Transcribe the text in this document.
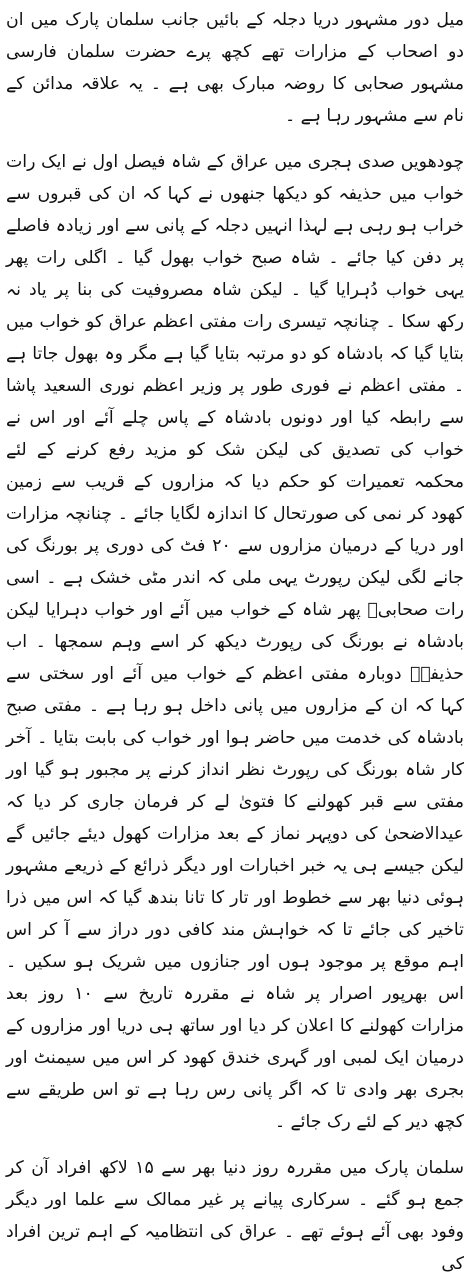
میل دور مشہور دریا دجلہ کے بائیں جانب سلمان پارک میں ان دو اصحاب کے مزارات تھے کچھ پرے حضرت سلمان فارسی مشہور صحابی کا روضہ مبارک بھی ہے ۔ یہ علاقہ مدائن کے نام سے مشہور رہا ہے ۔

چودھویں صدی ہجری میں عراق کے شاہ فیصل اول نے ایک رات خواب میں حذیفہ کو دیکھا جنھوں نے کہا کہ ان کی قبروں سے خراب ہو رہی ہے لہذا انہیں دجلہ کے پانی سے اور زیادہ فاصلے پر دفن کیا جائے ۔ شاہ صبح خواب بھول گیا ۔ اگلی رات پھر یہی خواب دُہرایا گیا ۔ لیکن شاہ مصروفیت کی بنا پر یاد نہ رکھ سکا ۔ چنانچہ تیسری رات مفتی اعظم عراق کو خواب میں بتایا گیا کہ بادشاہ کو دو مرتبہ بتایا گیا ہے مگر وہ بھول جاتا ہے ۔ مفتی اعظم نے فوری طور پر وزیر اعظم نوری السعید پاشا سے رابطہ کیا اور دونوں بادشاہ کے پاس چلے آئے اور اس نے خواب کی تصدیق کی لیکن شک کو مزید رفع کرنے کے لئے محکمہ تعمیرات کو حکم دیا کہ مزاروں کے قریب سے زمین کھود کر نمی کی صورتحال کا اندازہ لگایا جائے ۔ چنانچہ مزارات اور دریا کے درمیان مزاروں سے ۲۰ فٹ کی دوری پر بورنگ کی جانے لگی لیکن رپورٹ یہی ملی کہ اندر مٹی خشک ہے ۔ اسی رات صحابیؓ پھر شاہ کے خواب میں آئے اور خواب دہرایا لیکن بادشاہ نے بورنگ کی رپورٹ دیکھ کر اسے وہم سمجھا ۔ اب حذیفہؓ دوبارہ مفتی اعظم کے خواب میں آئے اور سختی سے کہا کہ ان کے مزاروں میں پانی داخل ہو رہا ہے ۔ مفتی صبح بادشاہ کی خدمت میں حاضر ہوا اور خواب کی بابت بتایا ۔ آخر کار شاہ بورنگ کی رپورٹ نظر انداز کرنے پر مجبور ہو گیا اور مفتی سے قبر کھولنے کا فتویٰ لے کر فرمان جاری کر دیا کہ عیدالاضحیٰ کی دوپہر نماز کے بعد مزارات کھول دیئے جائیں گے لیکن جیسے ہی یہ خبر اخبارات اور دیگر ذرائع کے ذریعے مشہور ہوئی دنیا بھر سے خطوط اور تار کا تانا بندھ گیا کہ اس میں ذرا تاخیر کی جائے تا کہ خواہش مند کافی دور دراز سے آ کر اس اہم موقع پر موجود ہوں اور جنازوں میں شریک ہو سکیں ۔ اس بھرپور اصرار پر شاہ نے مقررہ تاریخ سے ۱۰ روز بعد مزارات کھولنے کا اعلان کر دیا اور ساتھ ہی دریا اور مزاروں کے درمیان ایک لمبی اور گہری خندق کھود کر اس میں سیمنٹ اور بجری بھر وادی تا کہ اگر پانی رس رہا ہے تو اس طریقے سے کچھ دیر کے لئے رک جائے ۔

سلمان پارک میں مقررہ روز دنیا بھر سے ۱۵ لاکھ افراد آن کر جمع ہو گئے ۔ سرکاری پیانے پر غیر ممالک سے علما اور دیگر وفود بھی آئے ہوئے تھے ۔ عراق کی انتظامیہ کے اہم ترین افراد کی
